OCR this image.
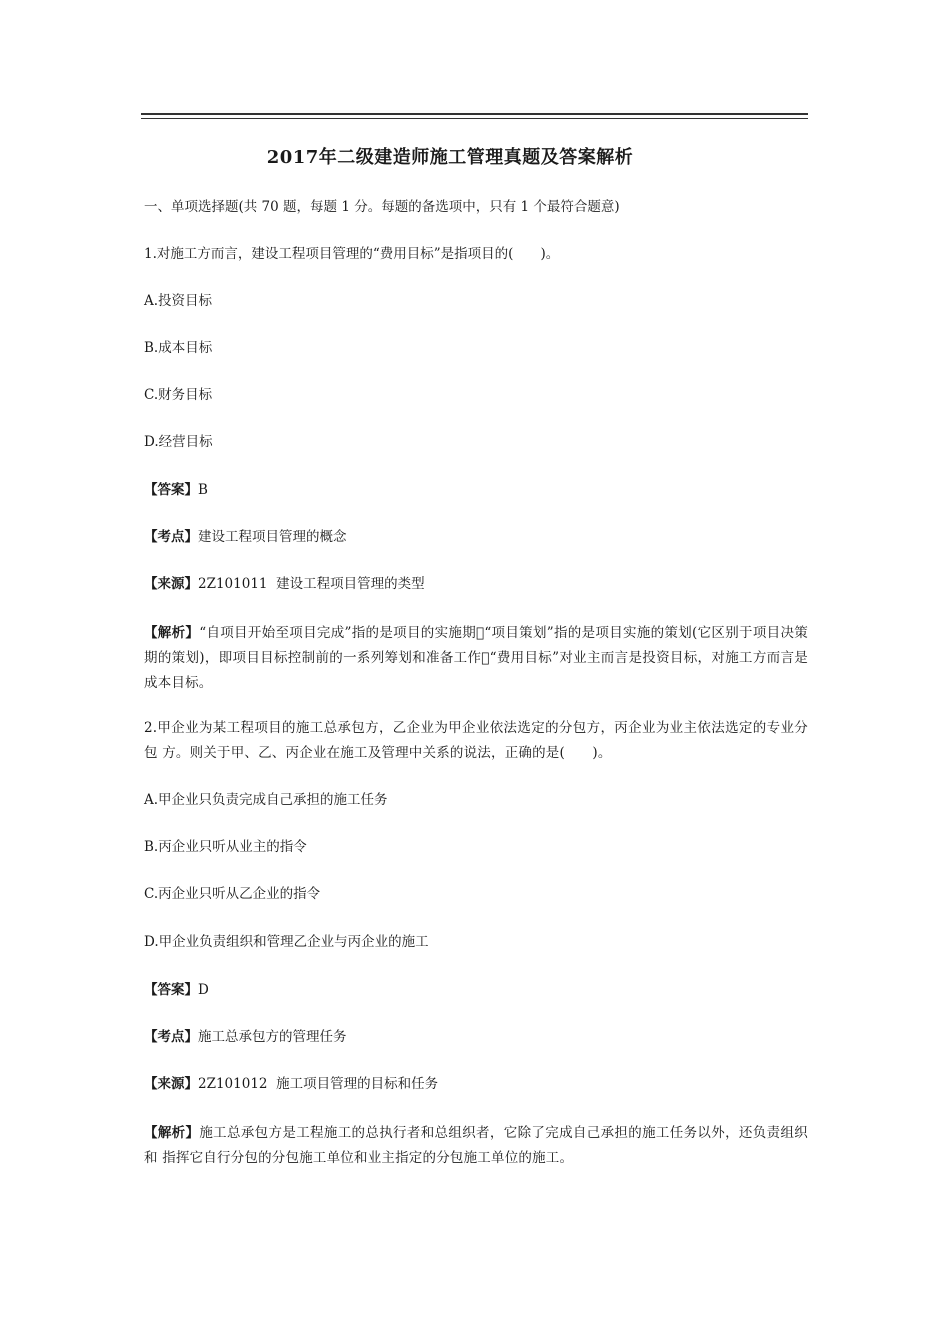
2017年二级建造师施工管理真题及答案解析
一、单项选择题(共 70 题，每题 1 分。每题的备选项中，只有 1 个最符合题意)
1.对施工方而言，建设工程项目管理的“费用目标”是指项目的(　　)。
A.投资目标
B.成本目标
C.财务目标
D.经营目标
【答案】B
【考点】建设工程项目管理的概念
【来源】2Z101011  建设工程项目管理的类型
【解析】“自项目开始至项目完成”指的是项目的实施期 “项目策划”指的是项目实施的策划(它区别于项目决策期的策划)，即项目目标控制前的一系列筹划和准备工作 “费用目标”对业主而言是投资目标，对施工方而言是成本目标。
2.甲企业为某工程项目的施工总承包方，乙企业为甲企业依法选定的分包方，丙企业为业主依法选定的专业分包 方。则关于甲、乙、丙企业在施工及管理中关系的说法，正确的是(　　)。
A.甲企业只负责完成自己承担的施工任务
B.丙企业只听从业主的指令
C.丙企业只听从乙企业的指令
D.甲企业负责组织和管理乙企业与丙企业的施工
【答案】D
【考点】施工总承包方的管理任务
【来源】2Z101012  施工项目管理的目标和任务
【解析】施工总承包方是工程施工的总执行者和总组织者，它除了完成自己承担的施工任务以外，还负责组织和 指挥它自行分包的分包施工单位和业主指定的分包施工单位的施工。
